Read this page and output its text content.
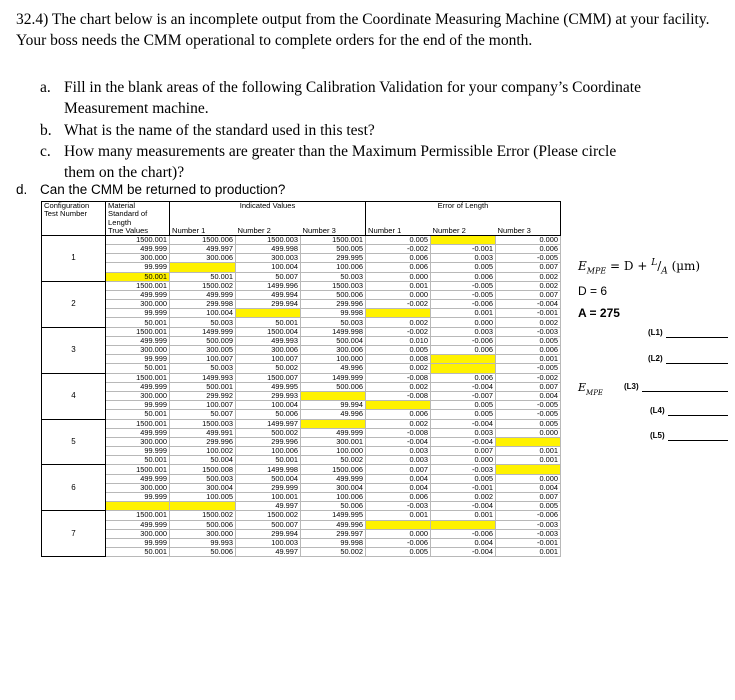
32.4) The chart below is an incomplete output from the Coordinate Measuring Machine (CMM) at your facility. Your boss needs the CMM operational to complete orders for the end of the month.
a. Fill in the blank areas of the following Calibration Validation for your company’s Coordinate Measurement machine.
b. What is the name of the standard used in this test?
c. How many measurements are greater than the Maximum Permissible Error (Please circle them on the chart)?
d. Can the CMM be returned to production?
Configuration	Material	Indicated Values			Error of Length		
Test Number	Standard of						
	Length						
	True Values	Number 1	Number 2	Number 3	Number 1	Number 2	Number 3
1	1500.001	1500.006	1500.003	1500.001	0.005		0.000
	499.999	499.997	499.998	500.005	-0.002	-0.001	0.006
	300.000	300.006	300.003	299.995	0.006	0.003	-0.005
	99.999		100.004	100.006	0.006	0.005	0.007
	50.001	50.001	50.007	50.003	0.000	0.006	0.002
2	1500.001	1500.002	1499.996	1500.003	0.001	-0.005	0.002
	499.999	499.999	499.994	500.006	0.000	-0.005	0.007
	300.000	299.998	299.994	299.996	-0.002	-0.006	-0.004
	99.999	100.004		99.998		0.001	-0.001
	50.001	50.003	50.001	50.003	0.002	0.000	0.002
3	1500.001	1499.999	1500.004	1499.998	-0.002	0.003	-0.003
	499.999	500.009	499.993	500.004	0.010	-0.006	0.005
	300.000	300.005	300.006	300.006	0.005	0.006	0.006
	99.999	100.007	100.007	100.000	0.008		0.001
	50.001	50.003	50.002	49.996	0.002		-0.005
4	1500.001	1499.993	1500.007	1499.999	-0.008	0.006	-0.002
	499.999	500.001	499.995	500.006	0.002	-0.004	0.007
	300.000	299.992	299.993		-0.008	-0.007	0.004
	99.999	100.007	100.004	99.994		0.005	-0.005
	50.001	50.007	50.006	49.996	0.006	0.005	-0.005
5	1500.001	1500.003	1499.997		0.002	-0.004	0.005
	499.999	499.991	500.002	499.999	-0.008	0.003	0.000
	300.000	299.996	299.996	300.001	-0.004	-0.004	
	99.999	100.002	100.006	100.000	0.003	0.007	0.001
	50.001	50.004	50.001	50.002	0.003	0.000	0.001
6	1500.001	1500.008	1499.998	1500.006	0.007	-0.003	
	499.999	500.003	500.004	499.999	0.004	0.005	0.000
	300.000	300.004	299.999	300.004	0.004	-0.001	0.004
	99.999	100.005	100.001	100.006	0.006	0.002	0.007
			49.997	50.006	-0.003	-0.004	0.005
7	1500.001	1500.002	1500.002	1499.995	0.001	0.001	-0.006
	499.999	500.006	500.007	499.996			-0.003
	300.000	300.000	299.994	299.997	0.000	-0.006	-0.003
	99.999	99.993	100.003	99.998	-0.006	0.004	-0.001
	50.001	50.006	49.997	50.002	0.005	-0.004	0.001
$E_{MPE} = D + ^L/_A$ (µm)
D = 6
A = 275
(L1)
(L2)
$E_{MPE}$
(L3)
(L4)
(L5)
